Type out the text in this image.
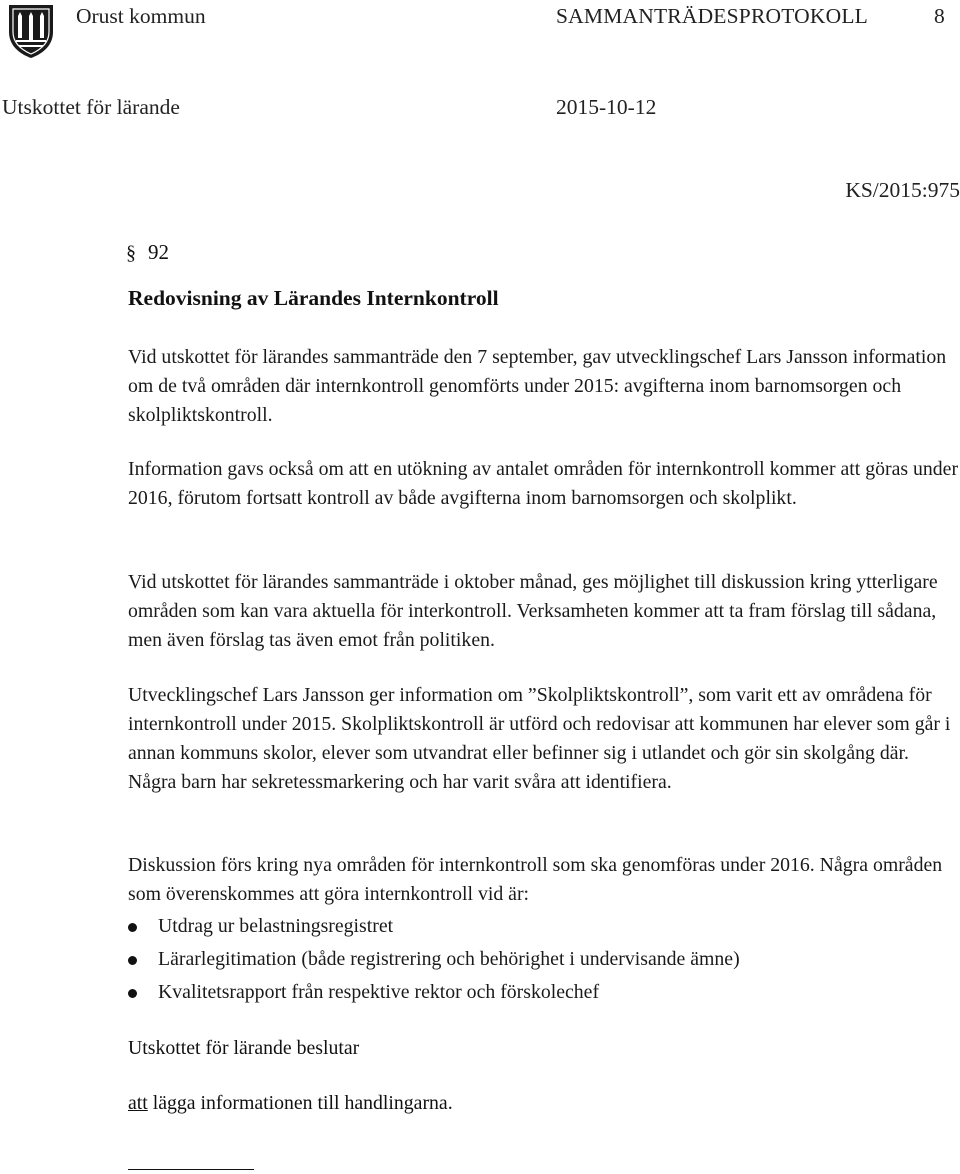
Orust kommun	SAMMANTRÄDESPROTOKOLL	8
Utskottet för lärande	2015-10-12
KS/2015:975
§ 92
Redovisning av Lärandes Internkontroll

Vid utskottet för lärandes sammanträde den 7 september, gav utvecklingschef Lars Jansson information om de två områden där internkontroll genomförts under 2015: avgifterna inom barnomsorgen och skolpliktskontroll.

Information gavs också om att en utökning av antalet områden för internkontroll kommer att göras under 2016, förutom fortsatt kontroll av både avgifterna inom barnomsorgen och skolplikt.

Vid utskottet för lärandes sammanträde i oktober månad, ges möjlighet till diskussion kring ytterligare områden som kan vara aktuella för interkontroll. Verksamheten kommer att ta fram förslag till sådana, men även förslag tas även emot från politiken.

Utvecklingschef Lars Jansson ger information om ”Skolpliktskontroll”, som varit ett av områdena för internkontroll under 2015. Skolpliktskontroll är utförd och redovisar att kommunen har elever som går i annan kommuns skolor, elever som utvandrat eller befinner sig i utlandet och gör sin skolgång där. Några barn har sekretessmarkering och har varit svåra att identifiera.

Diskussion förs kring nya områden för internkontroll som ska genomföras under 2016. Några områden som överenskommes att göra internkontroll vid är:

Utdrag ur belastningsregistret
Lärarlegitimation (både registrering och behörighet i undervisande ämne)
Kvalitetsrapport från respektive rektor och förskolechef

Utskottet för lärande beslutar

att lägga informationen till handlingarna.
